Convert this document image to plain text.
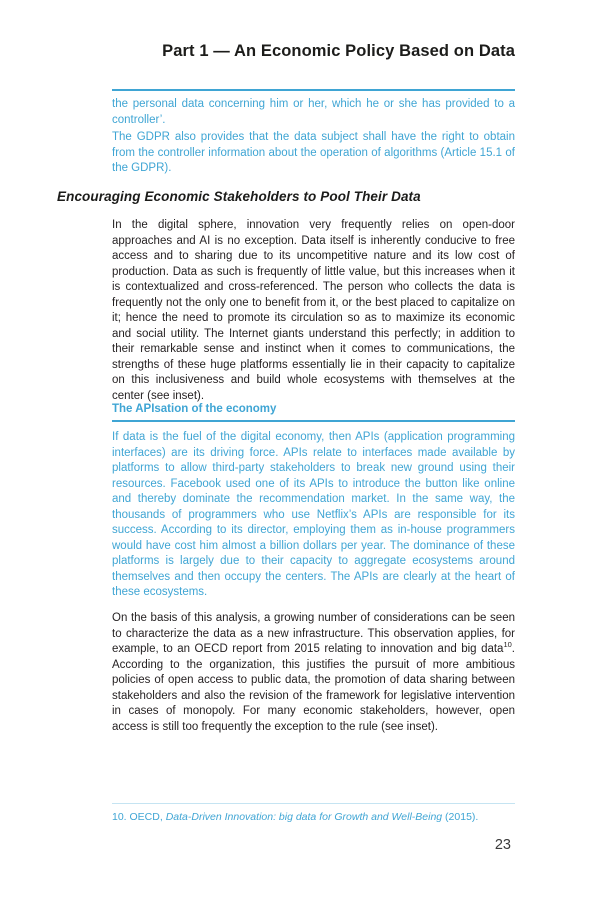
Part 1 — An Economic Policy Based on Data
the personal data concerning him or her, which he or she has provided to a controller’.
The GDPR also provides that the data subject shall have the right to obtain from the controller information about the operation of algorithms (Article 15.1 of the GDPR).
Encouraging Economic Stakeholders to Pool Their Data
In the digital sphere, innovation very frequently relies on open-door approaches and AI is no exception. Data itself is inherently conducive to free access and to sharing due to its uncompetitive nature and its low cost of production. Data as such is frequently of little value, but this increases when it is contextualized and cross-referenced. The person who collects the data is frequently not the only one to benefit from it, or the best placed to capitalize on it; hence the need to promote its circulation so as to maximize its economic and social utility. The Internet giants understand this perfectly; in addition to their remarkable sense and instinct when it comes to communications, the strengths of these huge platforms essentially lie in their capacity to capitalize on this inclusiveness and build whole ecosystems with themselves at the center (see inset).
The APIsation of the economy
If data is the fuel of the digital economy, then APIs (application programming interfaces) are its driving force. APIs relate to interfaces made available by platforms to allow third-party stakeholders to break new ground using their resources. Facebook used one of its APIs to introduce the button like online and thereby dominate the recommendation market. In the same way, the thousands of programmers who use Netflix’s APIs are responsible for its success. According to its director, employing them as in-house programmers would have cost him almost a billion dollars per year. The dominance of these platforms is largely due to their capacity to aggregate ecosystems around themselves and then occupy the centers. The APIs are clearly at the heart of these ecosystems.
On the basis of this analysis, a growing number of considerations can be seen to characterize the data as a new infrastructure. This observation applies, for example, to an OECD report from 2015 relating to innovation and big data$^{10}$. According to the organization, this justifies the pursuit of more ambitious policies of open access to public data, the promotion of data sharing between stakeholders and also the revision of the framework for legislative intervention in cases of monopoly. For many economic stakeholders, however, open access is still too frequently the exception to the rule (see inset).
10. OECD, Data-Driven Innovation: big data for Growth and Well-Being (2015).
23
